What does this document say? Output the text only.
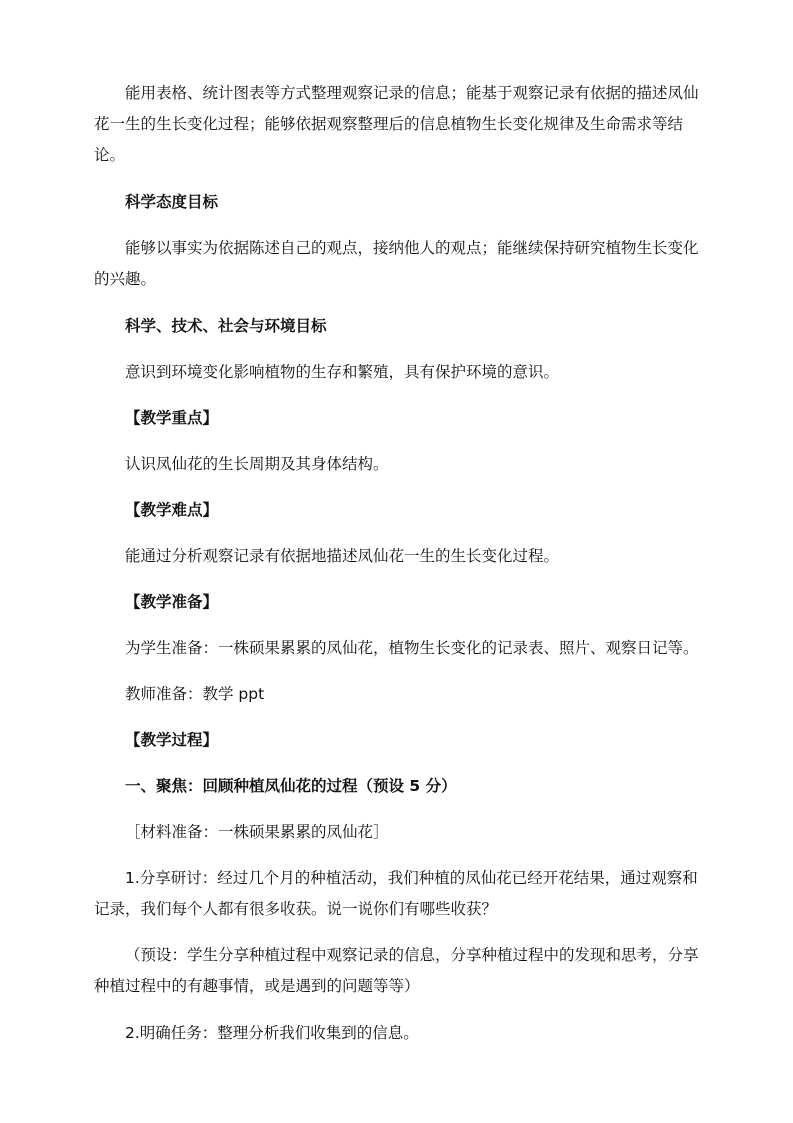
能用表格、统计图表等方式整理观察记录的信息；能基于观察记录有依据的描述凤仙花一生的生长变化过程；能够依据观察整理后的信息植物生长变化规律及生命需求等结论。

科学态度目标

能够以事实为依据陈述自己的观点，接纳他人的观点；能继续保持研究植物生长变化的兴趣。

科学、技术、社会与环境目标

意识到环境变化影响植物的生存和繁殖，具有保护环境的意识。

【教学重点】

认识凤仙花的生长周期及其身体结构。

【教学难点】

能通过分析观察记录有依据地描述凤仙花一生的生长变化过程。

【教学准备】

为学生准备：一株硕果累累的凤仙花，植物生长变化的记录表、照片、观察日记等。

教师准备：教学 ppt

【教学过程】

一、聚焦：回顾种植凤仙花的过程（预设 5 分）

［材料准备：一株硕果累累的凤仙花］

1.分享研讨：经过几个月的种植活动，我们种植的凤仙花已经开花结果，通过观察和记录，我们每个人都有很多收获。说一说你们有哪些收获？

（预设：学生分享种植过程中观察记录的信息，分享种植过程中的发现和思考，分享种植过程中的有趣事情，或是遇到的问题等等）

2.明确任务：整理分析我们收集到的信息。
